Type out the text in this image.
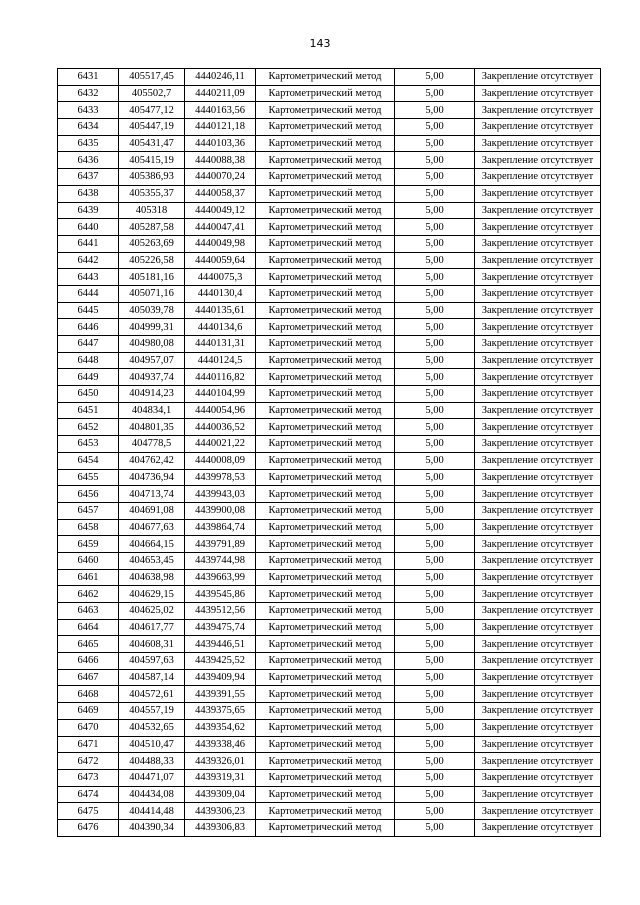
143
6431	405517,45	4440246,11	Картометрический метод	5,00	Закрепление отсутствует
6432	405502,7	4440211,09	Картометрический метод	5,00	Закрепление отсутствует
6433	405477,12	4440163,56	Картометрический метод	5,00	Закрепление отсутствует
6434	405447,19	4440121,18	Картометрический метод	5,00	Закрепление отсутствует
6435	405431,47	4440103,36	Картометрический метод	5,00	Закрепление отсутствует
6436	405415,19	4440088,38	Картометрический метод	5,00	Закрепление отсутствует
6437	405386,93	4440070,24	Картометрический метод	5,00	Закрепление отсутствует
6438	405355,37	4440058,37	Картометрический метод	5,00	Закрепление отсутствует
6439	405318	4440049,12	Картометрический метод	5,00	Закрепление отсутствует
6440	405287,58	4440047,41	Картометрический метод	5,00	Закрепление отсутствует
6441	405263,69	4440049,98	Картометрический метод	5,00	Закрепление отсутствует
6442	405226,58	4440059,64	Картометрический метод	5,00	Закрепление отсутствует
6443	405181,16	4440075,3	Картометрический метод	5,00	Закрепление отсутствует
6444	405071,16	4440130,4	Картометрический метод	5,00	Закрепление отсутствует
6445	405039,78	4440135,61	Картометрический метод	5,00	Закрепление отсутствует
6446	404999,31	4440134,6	Картометрический метод	5,00	Закрепление отсутствует
6447	404980,08	4440131,31	Картометрический метод	5,00	Закрепление отсутствует
6448	404957,07	4440124,5	Картометрический метод	5,00	Закрепление отсутствует
6449	404937,74	4440116,82	Картометрический метод	5,00	Закрепление отсутствует
6450	404914,23	4440104,99	Картометрический метод	5,00	Закрепление отсутствует
6451	404834,1	4440054,96	Картометрический метод	5,00	Закрепление отсутствует
6452	404801,35	4440036,52	Картометрический метод	5,00	Закрепление отсутствует
6453	404778,5	4440021,22	Картометрический метод	5,00	Закрепление отсутствует
6454	404762,42	4440008,09	Картометрический метод	5,00	Закрепление отсутствует
6455	404736,94	4439978,53	Картометрический метод	5,00	Закрепление отсутствует
6456	404713,74	4439943,03	Картометрический метод	5,00	Закрепление отсутствует
6457	404691,08	4439900,08	Картометрический метод	5,00	Закрепление отсутствует
6458	404677,63	4439864,74	Картометрический метод	5,00	Закрепление отсутствует
6459	404664,15	4439791,89	Картометрический метод	5,00	Закрепление отсутствует
6460	404653,45	4439744,98	Картометрический метод	5,00	Закрепление отсутствует
6461	404638,98	4439663,99	Картометрический метод	5,00	Закрепление отсутствует
6462	404629,15	4439545,86	Картометрический метод	5,00	Закрепление отсутствует
6463	404625,02	4439512,56	Картометрический метод	5,00	Закрепление отсутствует
6464	404617,77	4439475,74	Картометрический метод	5,00	Закрепление отсутствует
6465	404608,31	4439446,51	Картометрический метод	5,00	Закрепление отсутствует
6466	404597,63	4439425,52	Картометрический метод	5,00	Закрепление отсутствует
6467	404587,14	4439409,94	Картометрический метод	5,00	Закрепление отсутствует
6468	404572,61	4439391,55	Картометрический метод	5,00	Закрепление отсутствует
6469	404557,19	4439375,65	Картометрический метод	5,00	Закрепление отсутствует
6470	404532,65	4439354,62	Картометрический метод	5,00	Закрепление отсутствует
6471	404510,47	4439338,46	Картометрический метод	5,00	Закрепление отсутствует
6472	404488,33	4439326,01	Картометрический метод	5,00	Закрепление отсутствует
6473	404471,07	4439319,31	Картометрический метод	5,00	Закрепление отсутствует
6474	404434,08	4439309,04	Картометрический метод	5,00	Закрепление отсутствует
6475	404414,48	4439306,23	Картометрический метод	5,00	Закрепление отсутствует
6476	404390,34	4439306,83	Картометрический метод	5,00	Закрепление отсутствует
